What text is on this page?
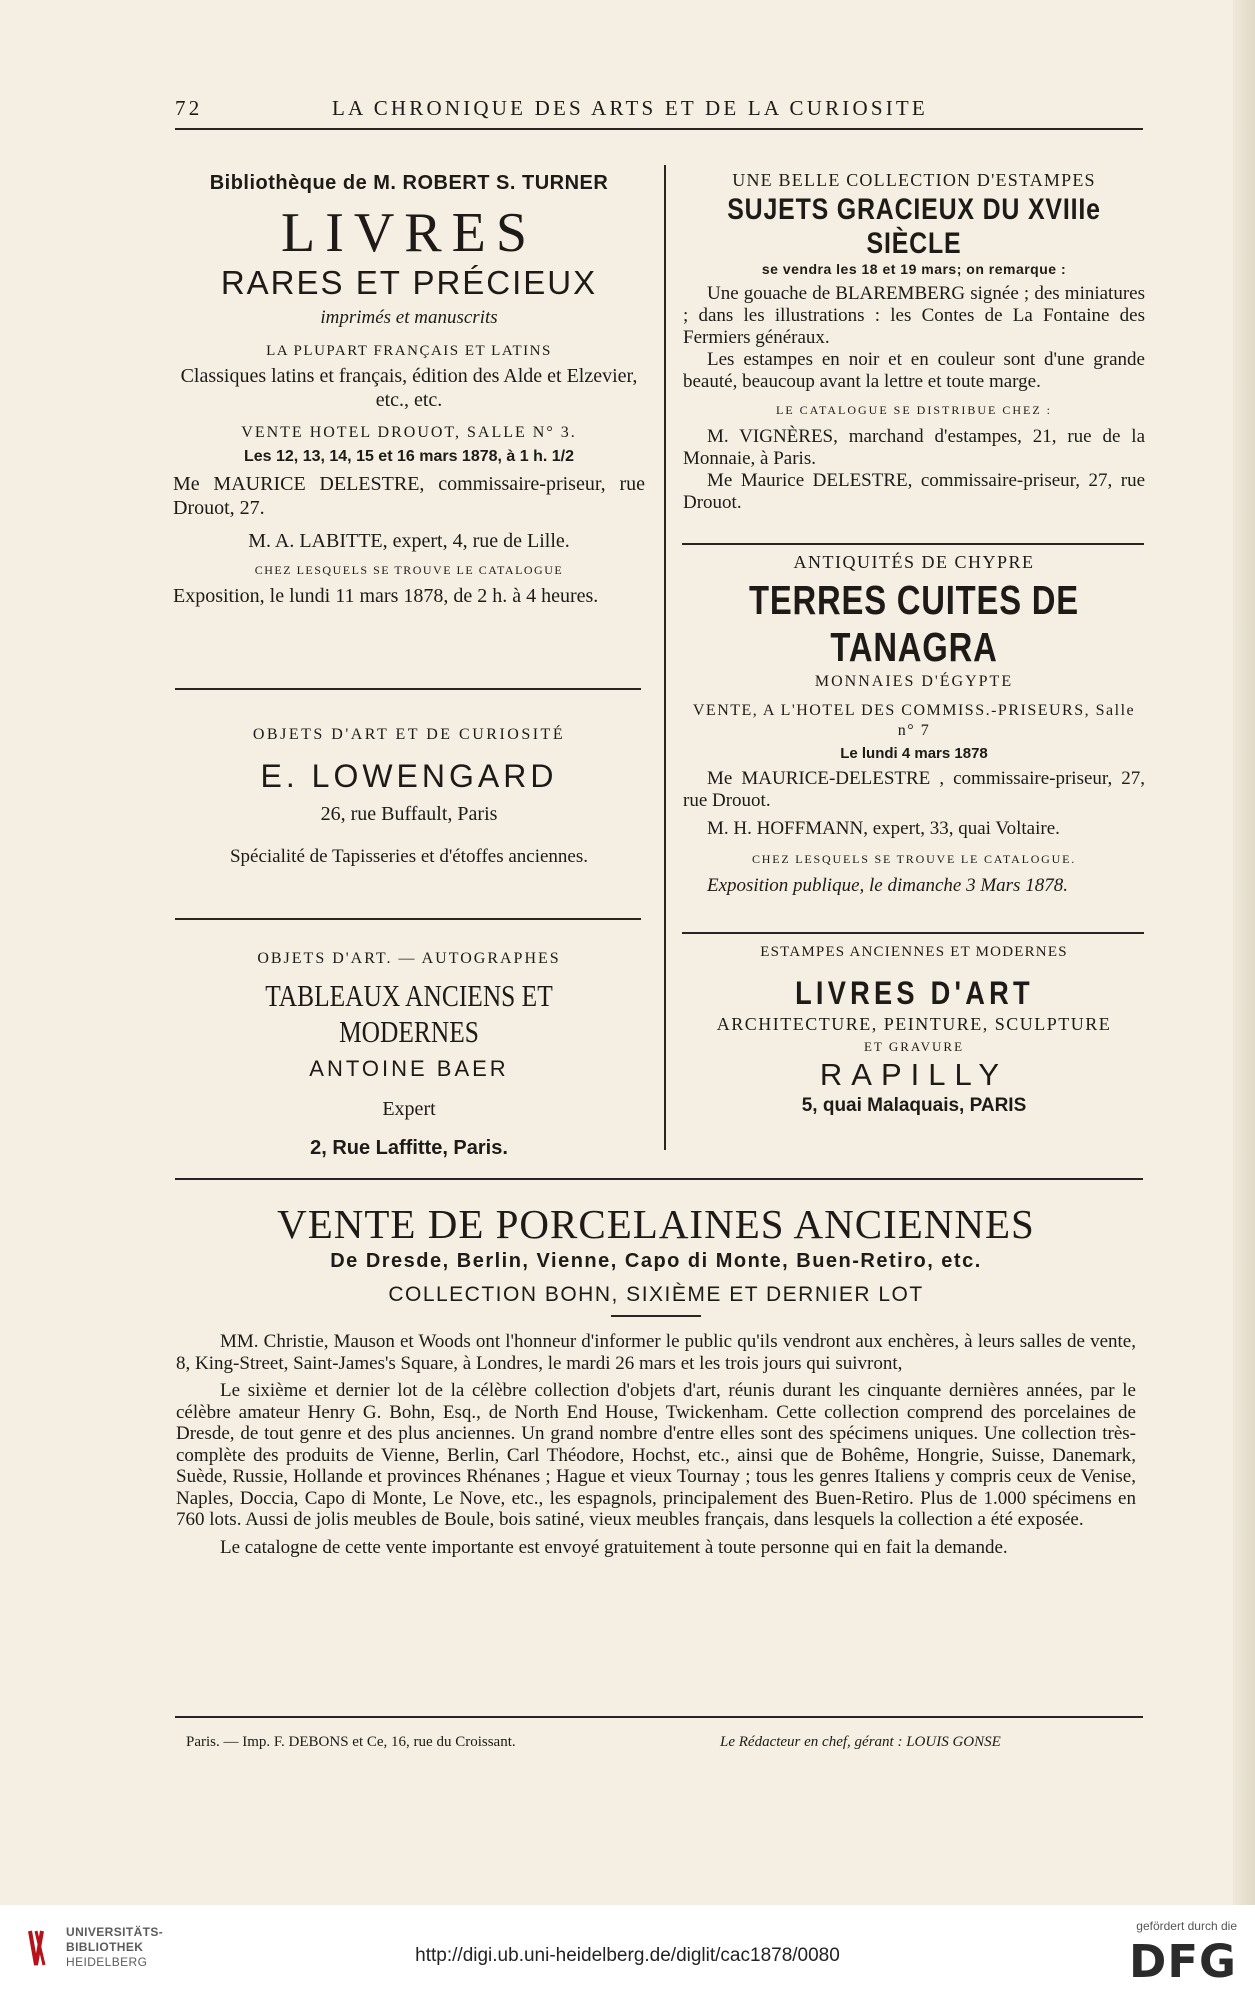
72	LA CHRONIQUE DES ARTS ET DE LA CURIOSITE
Bibliothèque de M. ROBERT S. TURNER
LIVRES
RARES ET PRÉCIEUX
imprimés et manuscrits
LA PLUPART FRANÇAIS ET LATINS
Classiques latins et français, édition des Alde et Elzevier, etc., etc.
VENTE HOTEL DROUOT, SALLE N° 3.
Les 12, 13, 14, 15 et 16 mars 1878, à 1 h. 1/2
Me MAURICE DELESTRE, commissaire-priseur, rue Drouot, 27.
M. A. LABITTE, expert, 4, rue de Lille.
CHEZ LESQUELS SE TROUVE LE CATALOGUE
Exposition, le lundi 11 mars 1878, de 2 h. à 4 heures.
OBJETS D'ART ET DE CURIOSITÉ
E. LOWENGARD
26, rue Buffault, Paris
Spécialité de Tapisseries et d'étoffes anciennes.
OBJETS D'ART. — AUTOGRAPHES
TABLEAUX ANCIENS ET MODERNES
ANTOINE BAER
Expert
2, Rue Laffitte, Paris.
UNE BELLE COLLECTION D'ESTAMPES
SUJETS GRACIEUX DU XVIIIe SIÈCLE
se vendra les 18 et 19 mars; on remarque :
Une gouache de BLAREMBERG signée ; des miniatures ; dans les illustrations : les Contes de La Fontaine des Fermiers généraux.
Les estampes en noir et en couleur sont d'une grande beauté, beaucoup avant la lettre et toute marge.
LE CATALOGUE SE DISTRIBUE CHEZ :
M. VIGNÈRES, marchand d'estampes, 21, rue de la Monnaie, à Paris.
Me Maurice DELESTRE, commissaire-priseur, 27, rue Drouot.
ANTIQUITÉS DE CHYPRE
TERRES CUITES DE TANAGRA
MONNAIES D'ÉGYPTE
VENTE, A L'HOTEL DES COMMISS.-PRISEURS, Salle n° 7
Le lundi 4 mars 1878
Me MAURICE-DELESTRE , commissaire-priseur, 27, rue Drouot.
M. H. HOFFMANN, expert, 33, quai Voltaire.
CHEZ LESQUELS SE TROUVE LE CATALOGUE.
Exposition publique, le dimanche 3 Mars 1878.
ESTAMPES ANCIENNES ET MODERNES
LIVRES D'ART
ARCHITECTURE, PEINTURE, SCULPTURE
ET GRAVURE
RAPILLY
5, quai Malaquais, PARIS
VENTE DE PORCELAINES ANCIENNES
De Dresde, Berlin, Vienne, Capo di Monte, Buen-Retiro, etc.
COLLECTION BOHN, SIXIÈME ET DERNIER LOT
MM. Christie, Mauson et Woods ont l'honneur d'informer le public qu'ils vendront aux enchères, à leurs salles de vente, 8, King-Street, Saint-James's Square, à Londres, le mardi 26 mars et les trois jours qui suivront,
Le sixième et dernier lot de la célèbre collection d'objets d'art, réunis durant les cinquante dernières années, par le célèbre amateur Henry G. Bohn, Esq., de North End House, Twickenham. Cette collection comprend des porcelaines de Dresde, de tout genre et des plus anciennes. Un grand nombre d'entre elles sont des spécimens uniques. Une collection très-complète des produits de Vienne, Berlin, Carl Théodore, Hochst, etc., ainsi que de Bohême, Hongrie, Suisse, Danemark, Suède, Russie, Hollande et provinces Rhénanes ; Hague et vieux Tournay ; tous les genres Italiens y compris ceux de Venise, Naples, Doccia, Capo di Monte, Le Nove, etc., les espagnols, principalement des Buen-Retiro. Plus de 1.000 spécimens en 760 lots. Aussi de jolis meubles de Boule, bois satiné, vieux meubles français, dans lesquels la collection a été exposée.
Le catalogne de cette vente importante est envoyé gratuitement à toute personne qui en fait la demande.
Paris. — Imp. F. DEBONS et Ce, 16, rue du Croissant.	Le Rédacteur en chef, gérant : LOUIS GONSE
UNIVERSITÄTS-
BIBLIOTHEK
HEIDELBERG	http://digi.ub.uni-heidelberg.de/diglit/cac1878/0080
gefördert durch die
DFG
